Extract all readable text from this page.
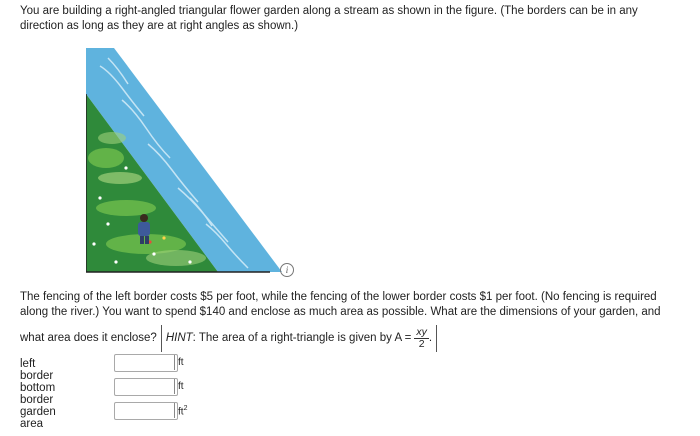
You are building a right-angled triangular flower garden along a stream as shown in the figure. (The borders can be in any direction as long as they are at right angles as shown.)
i
The fencing of the left border costs $5 per foot, while the fencing of the lower border costs $1 per foot. (No fencing is required along the river.) You want to spend $140 and enclose as much area as possible. What are the dimensions of your garden, and
what area does it enclose? HINT : The area of a right-triangle is given by $A = \frac{xy}{2}$ .
left border
ft
bottom border
ft
garden area
$ft^2$
